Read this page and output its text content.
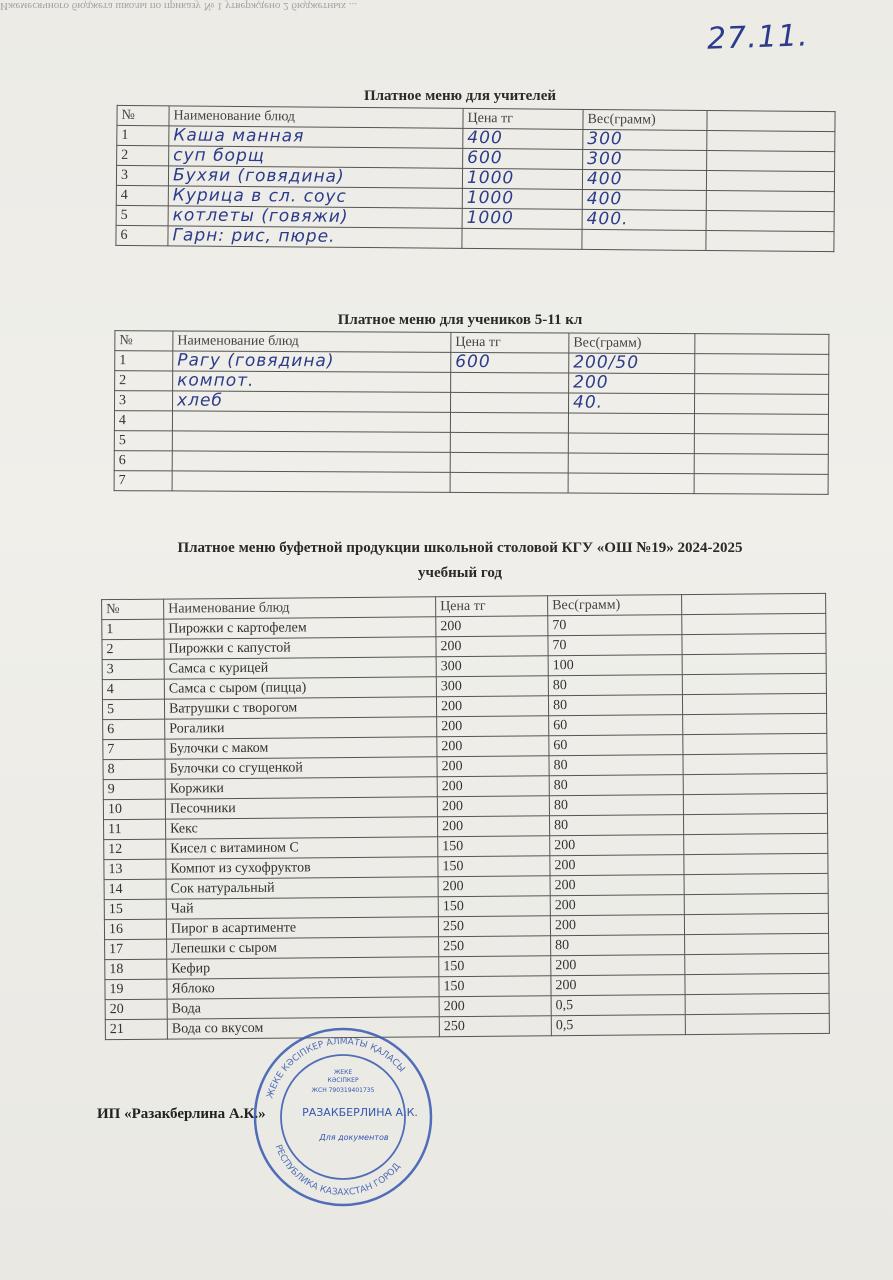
Ижемесячного бюджета школы по приказу № 1 утверждено 2 бюджетных ...
27.11.
Платное меню для учителей
№	Наименование блюд	Цена тг	Вес(грамм)	
1	Каша манная	400	300	
2	суп борщ	600	300	
3	Бухяи (говядина)	1000	400	
4	Курица в сл. соус	1000	400	
5	котлеты (говяжи)	1000	400.	
6	Гарн: рис, пюре.			
Платное меню для учеников 5-11 кл
№	Наименование блюд	Цена тг	Вес(грамм)	
1	Рагу (говядина)	600	200/50	
2	компот.		200	
3	хлеб		40.	
4				
5				
6				
7				
Платное меню буфетной продукции школьной столовой КГУ «ОШ №19» 2024-2025
учебный год
№	Наименование блюд	Цена тг	Вес(грамм)	
1	Пирожки с картофелем	200	70	
2	Пирожки с капустой	200	70	
3	Самса с курицей	300	100	
4	Самса с сыром (пицца)	300	80	
5	Ватрушки с творогом	200	80	
6	Рогалики	200	60	
7	Булочки с маком	200	60	
8	Булочки со сгущенкой	200	80	
9	Коржики	200	80	
10	Песочники	200	80	
11	Кекс	200	80	
12	Кисел с витамином С	150	200	
13	Компот из сухофруктов	150	200	
14	Сок натуральный	200	200	
15	Чай	150	200	
16	Пирог в асартименте	250	200	
17	Лепешки с сыром	250	80	
18	Кефир	150	200	
19	Яблоко	150	200	
20	Вода	200	0,5	
21	Вода со вкусом	250	0,5	
ИП «Разакберлина А.К.»
ЖЕКЕ КӘСІПКЕР АЛМАТЫ ҚАЛАСЫ
РЕСПУБЛИКА КАЗАХСТАН ГОРОД
ЖЕКЕ
КӘСІПКЕР
ЖСН 790319401735
РАЗАКБЕРЛИНА А.К.
Для документов
